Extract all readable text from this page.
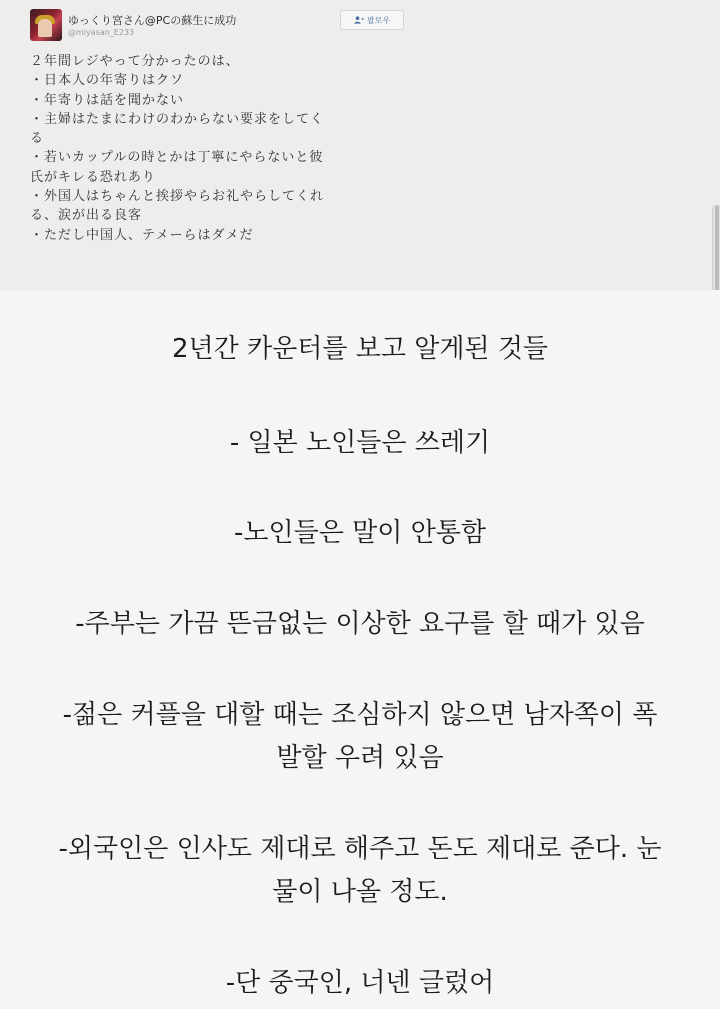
ゆっくり宮さん@PCの蘇生に成功
@miyasan_E233
팔로우
２年間レジやって分かったのは、
・日本人の年寄りはクソ
・年寄りは話を聞かない
・主婦はたまにわけのわからない要求をしてく
る
・若いカップルの時とかは丁寧にやらないと彼
氏がキレる恐れあり
・外国人はちゃんと挨拶やらお礼やらしてくれ
る、涙が出る良客
・ただし中国人、テメーらはダメだ
2년간 카운터를 보고 알게된 것들
- 일본 노인들은 쓰레기
-노인들은 말이 안통함
-주부는 가끔 뜬금없는 이상한 요구를 할 때가 있음
-젊은 커플을 대할 때는 조심하지 않으면 남자쪽이 폭
발할 우려 있음
-외국인은 인사도 제대로 해주고 돈도 제대로 준다. 눈
물이 나올 정도.
-단 중국인, 너넨 글렀어
